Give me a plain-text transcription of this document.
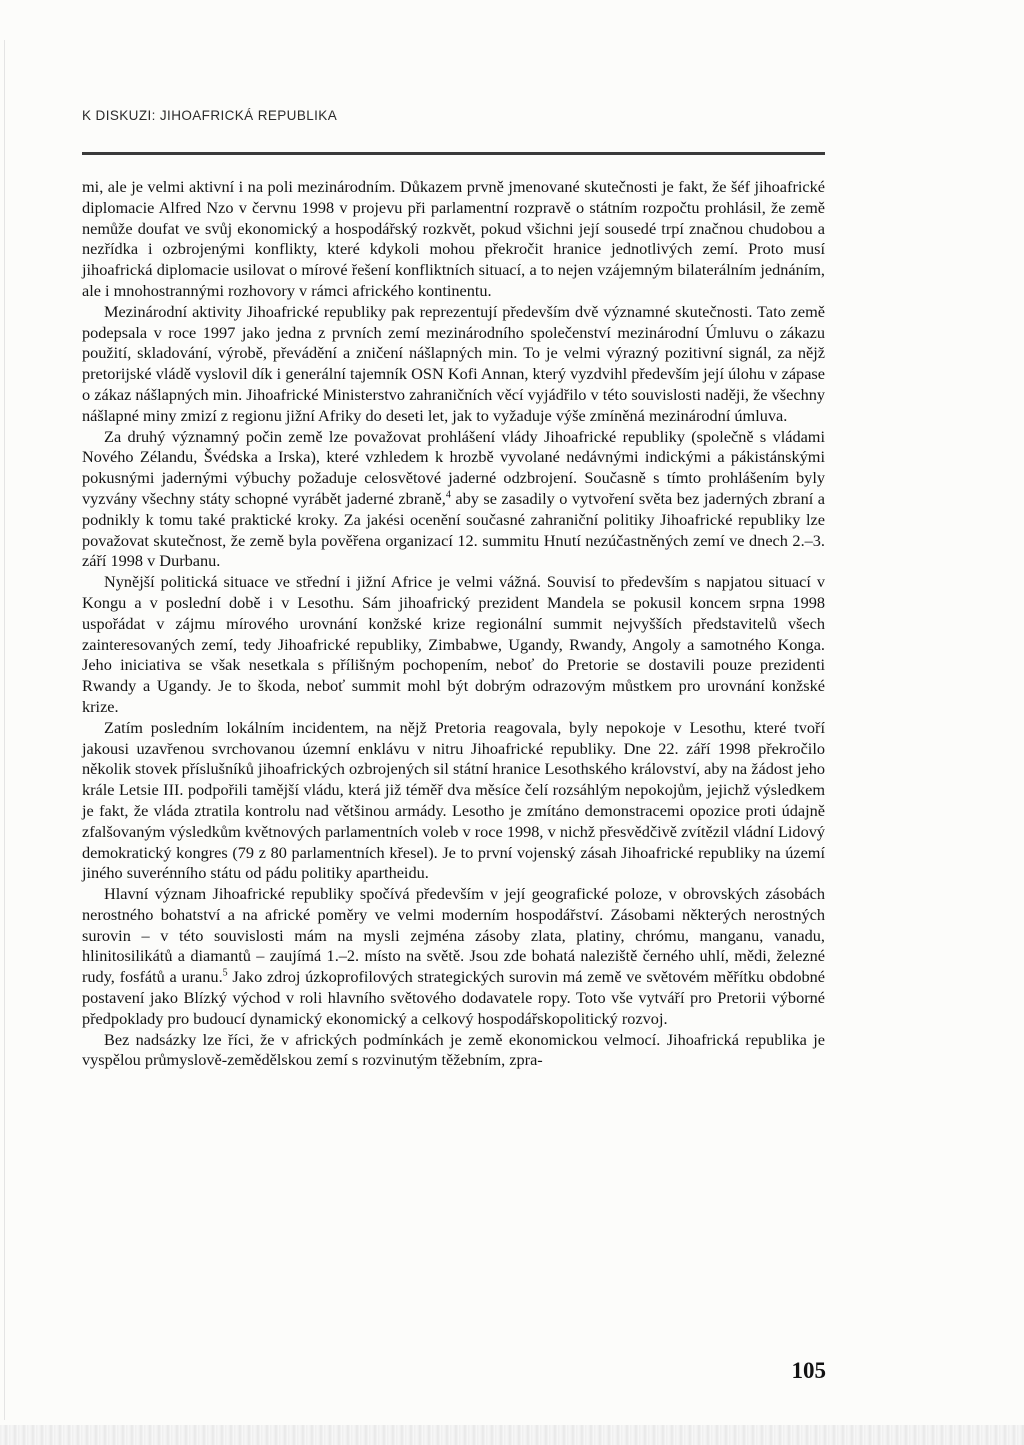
K DISKUZI: JIHOAFRICKÁ REPUBLIKA

mi, ale je velmi aktivní i na poli mezinárodním. Důkazem prvně jmenované skutečnosti je fakt, že šéf jihoafrické diplomacie Alfred Nzo v červnu 1998 v projevu při parlamentní rozpravě o státním rozpočtu prohlásil, že země nemůže doufat ve svůj ekonomický a hospodářský rozkvět, pokud všichni její sousedé trpí značnou chudobou a nezřídka i ozbrojenými konflikty, které kdykoli mohou překročit hranice jednotlivých zemí. Proto musí jihoafrická diplomacie usilovat o mírové řešení konfliktních situací, a to nejen vzájemným bilaterálním jednáním, ale i mnohostrannými rozhovory v rámci afrického kontinentu.

Mezinárodní aktivity Jihoafrické republiky pak reprezentují především dvě významné skutečnosti. Tato země podepsala v roce 1997 jako jedna z prvních zemí mezinárodního společenství mezinárodní Úmluvu o zákazu použití, skladování, výrobě, převádění a zničení nášlapných min. To je velmi výrazný pozitivní signál, za nějž pretorijské vládě vyslovil dík i generální tajemník OSN Kofi Annan, který vyzdvihl především její úlohu v zápase o zákaz nášlapných min. Jihoafrické Ministerstvo zahraničních věcí vyjádřilo v této souvislosti naději, že všechny nášlapné miny zmizí z regionu jižní Afriky do deseti let, jak to vyžaduje výše zmíněná mezinárodní úmluva.

Za druhý významný počin země lze považovat prohlášení vlády Jihoafrické republiky (společně s vládami Nového Zélandu, Švédska a Irska), které vzhledem k hrozbě vyvolané nedávnými indickými a pákistánskými pokusnými jadernými výbuchy požaduje celosvětové jaderné odzbrojení. Současně s tímto prohlášením byly vyzvány všechny státy schopné vyrábět jaderné zbraně,$^4$ aby se zasadily o vytvoření světa bez jaderných zbraní a podnikly k tomu také praktické kroky. Za jakési ocenění současné zahraniční politiky Jihoafrické republiky lze považovat skutečnost, že země byla pověřena organizací 12. summitu Hnutí nezúčastněných zemí ve dnech 2.–3. září 1998 v Durbanu.

Nynější politická situace ve střední i jižní Africe je velmi vážná. Souvisí to především s napjatou situací v Kongu a v poslední době i v Lesothu. Sám jihoafrický prezident Mandela se pokusil koncem srpna 1998 uspořádat v zájmu mírového urovnání konžské krize regionální summit nejvyšších představitelů všech zainteresovaných zemí, tedy Jihoafrické republiky, Zimbabwe, Ugandy, Rwandy, Angoly a samotného Konga. Jeho iniciativa se však nesetkala s přílišným pochopením, neboť do Pretorie se dostavili pouze prezidenti Rwandy a Ugandy. Je to škoda, neboť summit mohl být dobrým odrazovým můstkem pro urovnání konžské krize.

Zatím posledním lokálním incidentem, na nějž Pretoria reagovala, byly nepokoje v Lesothu, které tvoří jakousi uzavřenou svrchovanou územní enklávu v nitru Jihoafrické republiky. Dne 22. září 1998 překročilo několik stovek příslušníků jihoafrických ozbrojených sil státní hranice Lesothského království, aby na žádost jeho krále Letsie III. podpořili tamější vládu, která již téměř dva měsíce čelí rozsáhlým nepokojům, jejichž výsledkem je fakt, že vláda ztratila kontrolu nad většinou armády. Lesotho je zmítáno demonstracemi opozice proti údajně zfalšovaným výsledkům květnových parlamentních voleb v roce 1998, v nichž přesvědčivě zvítězil vládní Lidový demokratický kongres (79 z 80 parlamentních křesel). Je to první vojenský zásah Jihoafrické republiky na území jiného suverénního státu od pádu politiky apartheidu.

Hlavní význam Jihoafrické republiky spočívá především v její geografické poloze, v obrovských zásobách nerostného bohatství a na africké poměry ve velmi moderním hospodářství. Zásobami některých nerostných surovin – v této souvislosti mám na mysli zejména zásoby zlata, platiny, chrómu, manganu, vanadu, hlinitosilikátů a diamantů – zaujímá 1.–2. místo na světě. Jsou zde bohatá naleziště černého uhlí, mědi, železné rudy, fosfátů a uranu.$^5$ Jako zdroj úzkoprofilových strategických surovin má země ve světovém měřítku obdobné postavení jako Blízký východ v roli hlavního světového dodavatele ropy. Toto vše vytváří pro Pretorii výborné předpoklady pro budoucí dynamický ekonomický a celkový hospodářskopolitický rozvoj.

Bez nadsázky lze říci, že v afrických podmínkách je země ekonomickou velmocí. Jihoafrická republika je vyspělou průmyslově-zemědělskou zemí s rozvinutým těžebním, zpra-

105
